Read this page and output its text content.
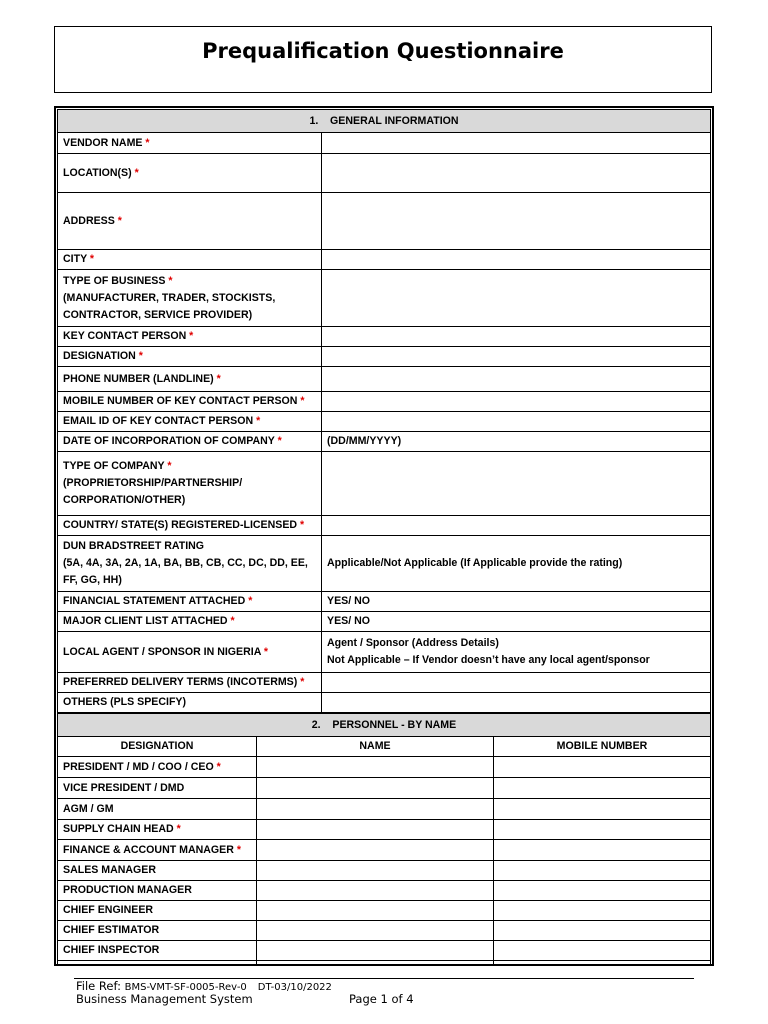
Prequalification Questionnaire
1.    GENERAL INFORMATION	
VENDOR NAME *	
LOCATION(S) *	
ADDRESS *	
CITY *	
TYPE OF BUSINESS *
(MANUFACTURER, TRADER, STOCKISTS,
CONTRACTOR, SERVICE PROVIDER)	
KEY CONTACT PERSON *	
DESIGNATION *	
PHONE NUMBER (LANDLINE) *	
MOBILE NUMBER OF KEY CONTACT PERSON *	
EMAIL ID OF KEY CONTACT PERSON *	
DATE OF INCORPORATION OF COMPANY *	(DD/MM/YYYY)
TYPE OF COMPANY *
(PROPRIETORSHIP/PARTNERSHIP/
CORPORATION/OTHER)	
COUNTRY/ STATE(S) REGISTERED-LICENSED *	
DUN BRADSTREET RATING
(5A, 4A, 3A, 2A, 1A, BA, BB, CB, CC, DC, DD, EE,
FF, GG, HH)	Applicable/Not Applicable (If Applicable provide the rating)
FINANCIAL STATEMENT ATTACHED *	YES/ NO
MAJOR CLIENT LIST ATTACHED *	YES/ NO
LOCAL AGENT / SPONSOR IN NIGERIA *	Agent / Sponsor (Address Details)
Not Applicable – If Vendor doesn’t have any local agent/sponsor
PREFERRED DELIVERY TERMS (INCOTERMS) *	
OTHERS (PLS SPECIFY)	
2.    PERSONNEL - BY NAME		
DESIGNATION	NAME	MOBILE NUMBER
PRESIDENT / MD / COO / CEO *		
VICE PRESIDENT / DMD		
AGM / GM		
SUPPLY CHAIN HEAD *		
FINANCE & ACCOUNT MANAGER *		
SALES MANAGER		
PRODUCTION MANAGER		
CHIEF ENGINEER		
CHIEF ESTIMATOR		
CHIEF INSPECTOR		

File Ref: BMS-VMT-SF-0005-Rev-0 DT-03/10/2022
Business Management System	Page 1 of 4
